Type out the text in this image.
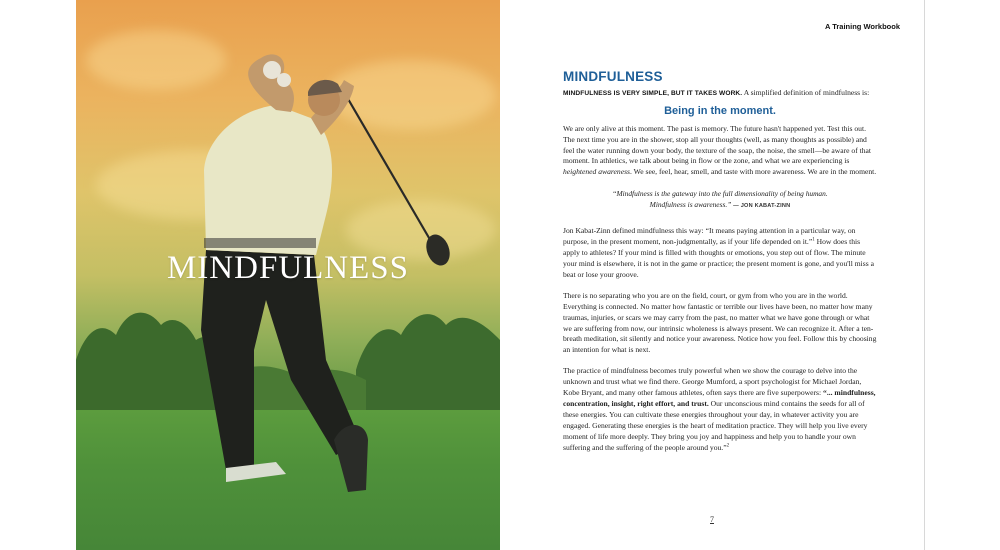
MINDFULNESS
A Training Workbook
MINDFULNESS

MINDFULNESS IS VERY SIMPLE, BUT IT TAKES WORK. A simplified definition of mindfulness is:

Being in the moment.

We are only alive at this moment. The past is memory. The future hasn't happened yet. Test this out. The next time you are in the shower, stop all your thoughts (well, as many thoughts as possible) and feel the water running down your body, the texture of the soap, the noise, the smell—be aware of that moment. In athletics, we talk about being in flow or the zone, and what we are experiencing is heightened awareness. We see, feel, hear, smell, and taste with more awareness. We are in the moment.

“Mindfulness is the gateway into the full dimensionality of being human.
Mindfulness is awareness.” — JON KABAT-ZINN

Jon Kabat-Zinn defined mindfulness this way: “It means paying attention in a particular way, on purpose, in the present moment, non-judgmentally, as if your life depended on it.”$^1$ How does this apply to athletes? If your mind is filled with thoughts or emotions, you step out of flow. The minute your mind is elsewhere, it is not in the game or practice; the present moment is gone, and you'll miss a beat or lose your groove.

There is no separating who you are on the field, court, or gym from who you are in the world. Everything is connected. No matter how fantastic or terrible our lives have been, no matter how many traumas, injuries, or scars we may carry from the past, no matter what we have gone through or what we are suffering from now, our intrinsic wholeness is always present. We can recognize it. After a ten-breath meditation, sit silently and notice your awareness. Notice how you feel. Follow this by choosing an intention for what is next.

The practice of mindfulness becomes truly powerful when we show the courage to delve into the unknown and trust what we find there. George Mumford, a sport psychologist for Michael Jordan, Kobe Bryant, and many other famous athletes, often says there are five superpowers: “... mindfulness, concentration, insight, right effort, and trust. Our unconscious mind contains the seeds for all of these energies. You can cultivate these energies throughout your day, in whatever activity you are engaged. Generating these energies is the heart of meditation practice. They will help you live every moment of life more deeply. They bring you joy and happiness and help you to handle your own suffering and the suffering of the people around you.”$^2$

7
